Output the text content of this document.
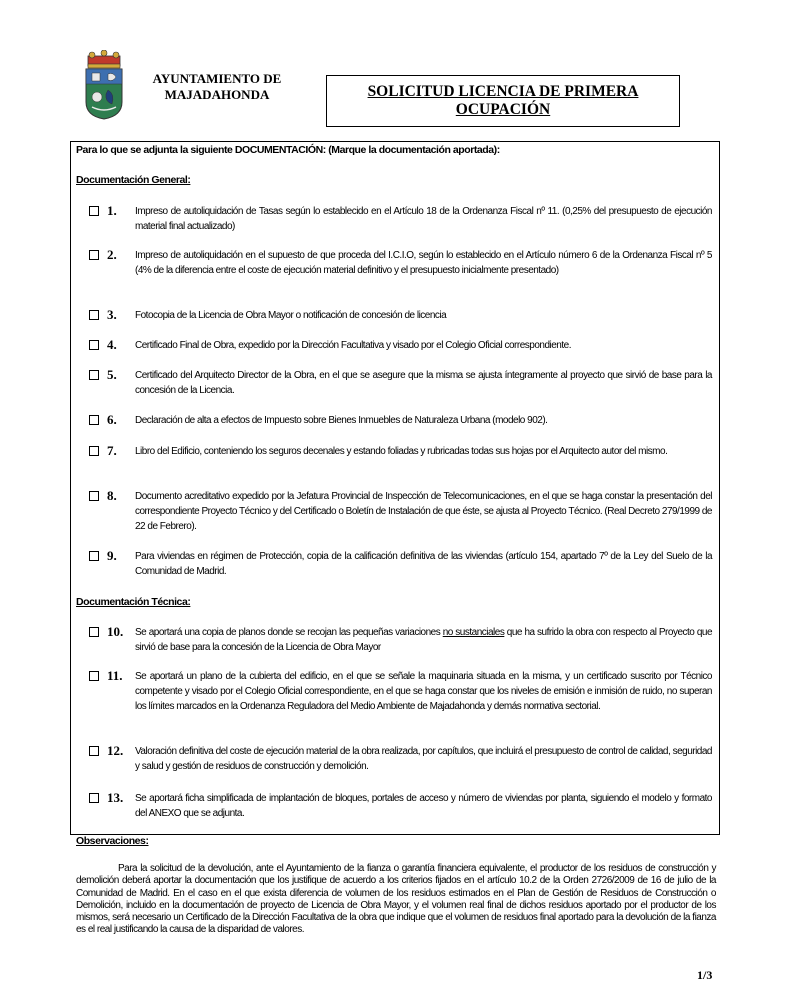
AYUNTAMIENTO DE
MAJADAHONDA	SOLICITUD LICENCIA DE PRIMERA
OCUPACIÓN
Para lo que se adjunta la siguiente DOCUMENTACIÓN: (Marque la documentación aportada):
Documentación General:
1. Impreso de autoliquidación de Tasas según lo establecido en el Artículo 18 de la Ordenanza Fiscal nº 11. (0,25% del presupuesto de ejecución material final actualizado)
2. Impreso de autoliquidación en el supuesto de que proceda del I.C.I.O, según lo establecido en el Artículo número 6 de la Ordenanza Fiscal nº 5 (4% de la diferencia entre el coste de ejecución material definitivo y el presupuesto inicialmente presentado)
3. Fotocopia de la Licencia de Obra Mayor o notificación de concesión de licencia
4. Certificado Final de Obra, expedido por la Dirección Facultativa y visado por el Colegio Oficial correspondiente.
5. Certificado del Arquitecto Director de la Obra, en el que se asegure que la misma se ajusta íntegramente al proyecto que sirvió de base para la concesión de la Licencia.
6. Declaración de alta a efectos de Impuesto sobre Bienes Inmuebles de Naturaleza Urbana (modelo 902).
7. Libro del Edificio, conteniendo los seguros decenales y estando foliadas y rubricadas todas sus hojas por el Arquitecto autor del mismo.
8. Documento acreditativo expedido por la Jefatura Provincial de Inspección de Telecomunicaciones, en el que se haga constar la presentación del correspondiente Proyecto Técnico y del Certificado o Boletín de Instalación de que éste, se ajusta al Proyecto Técnico. (Real Decreto 279/1999 de 22 de Febrero).
9. Para viviendas en régimen de Protección, copia de la calificación definitiva de las viviendas (artículo 154, apartado 7º de la Ley del Suelo de la Comunidad de Madrid.
Documentación Técnica:
10. Se aportará una copia de planos donde se recojan las pequeñas variaciones no sustanciales que ha sufrido la obra con respecto al Proyecto que sirvió de base para la concesión de la Licencia de Obra Mayor
11. Se aportará un plano de la cubierta del edificio, en el que se señale la maquinaria situada en la misma, y un certificado suscrito por Técnico competente y visado por el Colegio Oficial correspondiente, en el que se haga constar que los niveles de emisión e inmisión de ruido, no superan los límites marcados en la Ordenanza Reguladora del Medio Ambiente de Majadahonda y demás normativa sectorial.
12. Valoración definitiva del coste de ejecución material de la obra realizada, por capítulos, que incluirá el presupuesto de control de calidad, seguridad y salud y gestión de residuos de construcción y demolición.
13. Se aportará ficha simplificada de implantación de bloques, portales de acceso y número de viviendas por planta, siguiendo el modelo y formato del ANEXO que se adjunta.
Observaciones:
Para la solicitud de la devolución, ante el Ayuntamiento de la fianza o garantía financiera equivalente, el productor de los residuos de construcción y demolición deberá aportar la documentación que los justifique de acuerdo a los criterios fijados en el artículo 10.2 de la Orden 2726/2009 de 16 de julio de la Comunidad de Madrid. En el caso en el que exista diferencia de volumen de los residuos estimados en el Plan de Gestión de Residuos de Construcción o Demolición, incluido en la documentación de proyecto de Licencia de Obra Mayor, y el volumen real final de dichos residuos aportado por el productor de los mismos, será necesario un Certificado de la Dirección Facultativa de la obra que indique que el volumen de residuos final aportado para la devolución de la fianza es el real justificando la causa de la disparidad de valores.
1/3
